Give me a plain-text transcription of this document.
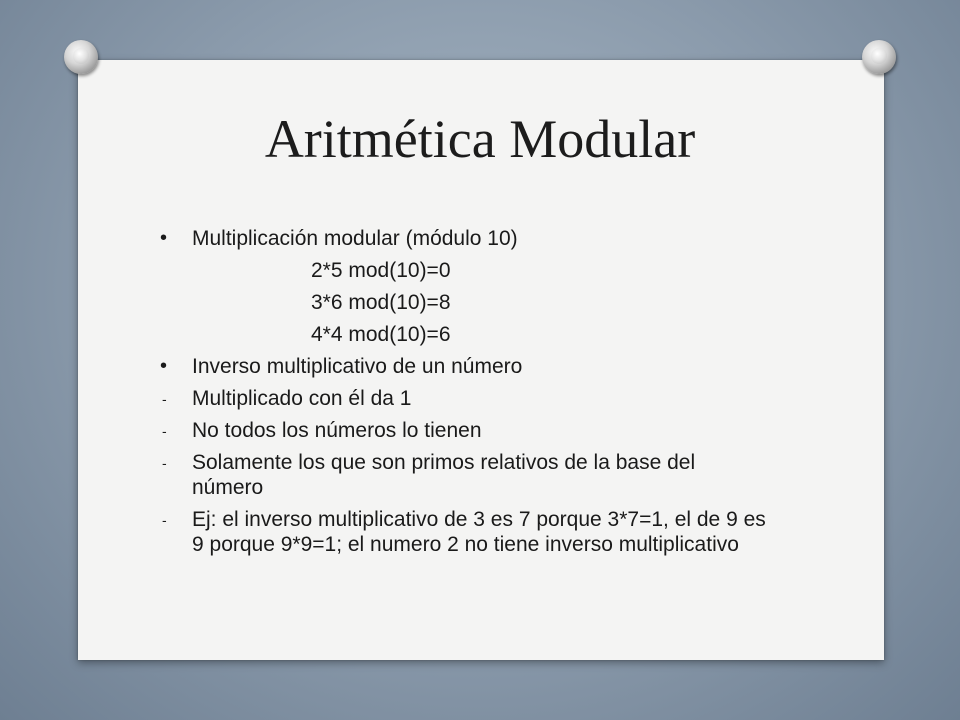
Aritmética Modular
•	Multiplicación modular (módulo 10)
2*5 mod(10)=0
3*6 mod(10)=8
4*4 mod(10)=6
•	Inverso multiplicativo de un número
-	Multiplicado con él da 1
-	No todos los números lo tienen
-	Solamente los que son primos relativos de la base del número
-	Ej: el inverso multiplicativo de 3 es 7 porque 3*7=1, el de 9 es 9 porque 9*9=1; el numero 2 no tiene inverso multiplicativo
